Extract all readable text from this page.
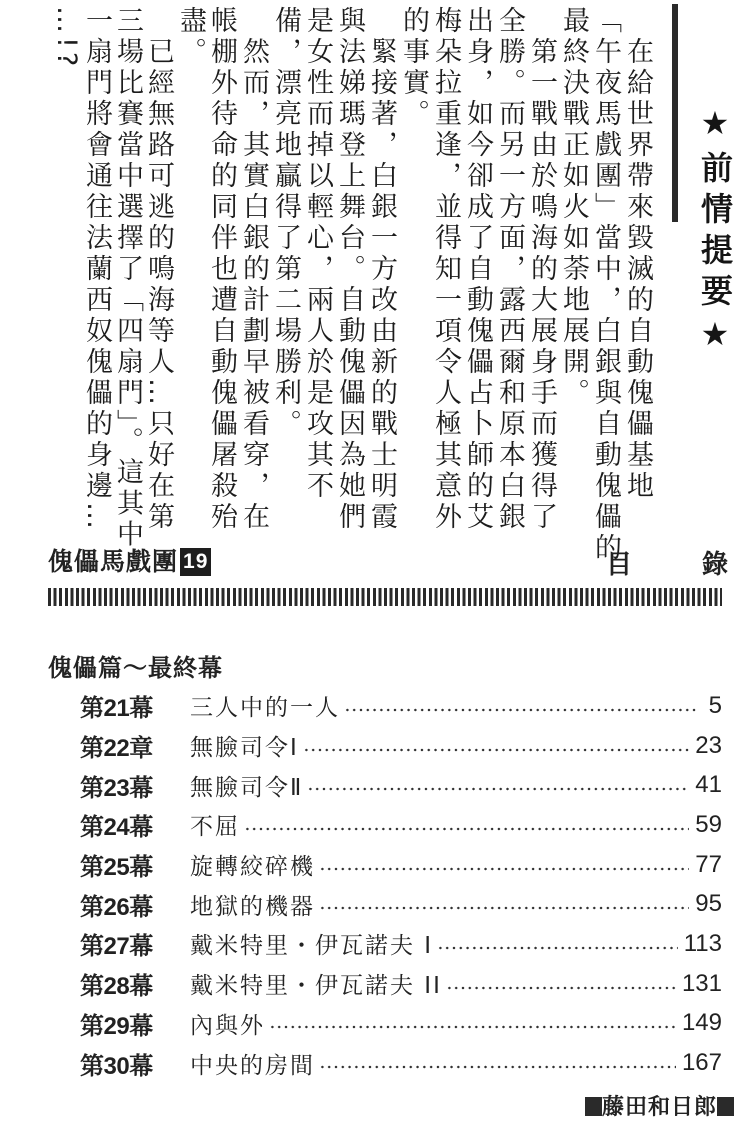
★前情提要★
　在給世界帶來毀滅的自動傀儡基地
「午夜馬戲團」當中，白銀與自動傀儡的
最終決戰正如火如荼地展開。
　第一戰由於鳴海的大展身手而獲得了
全勝。而另一方面，露西爾和原本白銀
出身，如今卻成了自動傀儡占卜師的艾
梅朵拉重逢，並得知一項令人極其意外
的事實。
　緊接著，白銀一方改由新的戰士明霞
與法娣瑪登上舞台。自動傀儡因為她們
是女性而掉以輕心，兩人於是攻其不
備，漂亮地贏得了第二場勝利。
　然而，其實白銀的計劃早被看穿，在
帳棚外待命的同伴也遭自動傀儡屠殺殆
盡。
　已經無路可逃的鳴海等人…只好在第
三場比賽當中選擇了「四扇門」。這其中
一扇門將會通往法蘭西奴傀儡的身邊…
…!?
傀儡馬戲團 19	目	錄
傀儡篇～最終幕
第21幕	三人中的一人	5
第22章	無臉司令Ⅰ	23
第23幕	無臉司令Ⅱ	41
第24幕	不屈	59
第25幕	旋轉絞碎機	77
第26幕	地獄的機器	95
第27幕	戴米特里・伊瓦諾夫 I	113
第28幕	戴米特里・伊瓦諾夫 II	131
第29幕	內與外	149
第30幕	中央的房間	167
藤田和日郎
